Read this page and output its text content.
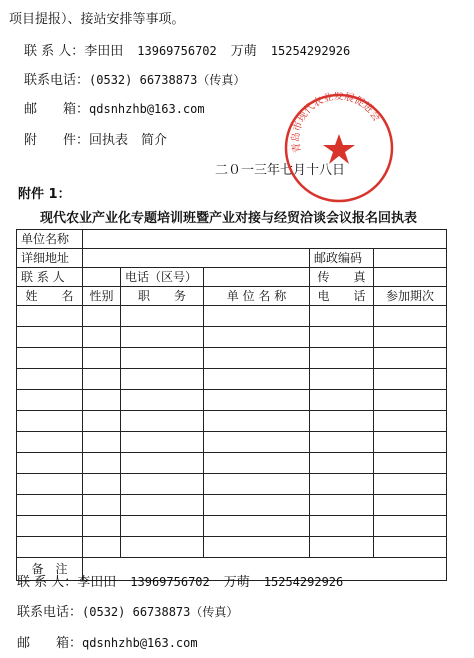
项目提报）、接站安排等事项。
联 系 人：李田田 13969756702 万萌 15254292926
联系电话：(0532) 66738873（传真）
邮　　箱：qdsnhzhb@163.com
附　　件：回执表　简介
二０一三年七月十八日
青岛市现代农业发展促进会
附件 1：
现代农业产业化专题培训班暨产业对接与经贸洽谈会议报名回执表
单位名称					
详细地址				邮政编码	
联 系 人		电话（区号）		传　　真	
姓　　名	性别	职　　务	单 位 名 称	电　　话	参加期次

备　注					
联 系 人：李田田 13969756702 万萌 15254292926
联系电话：(0532) 66738873（传真）
邮　　箱：qdsnhzhb@163.com
